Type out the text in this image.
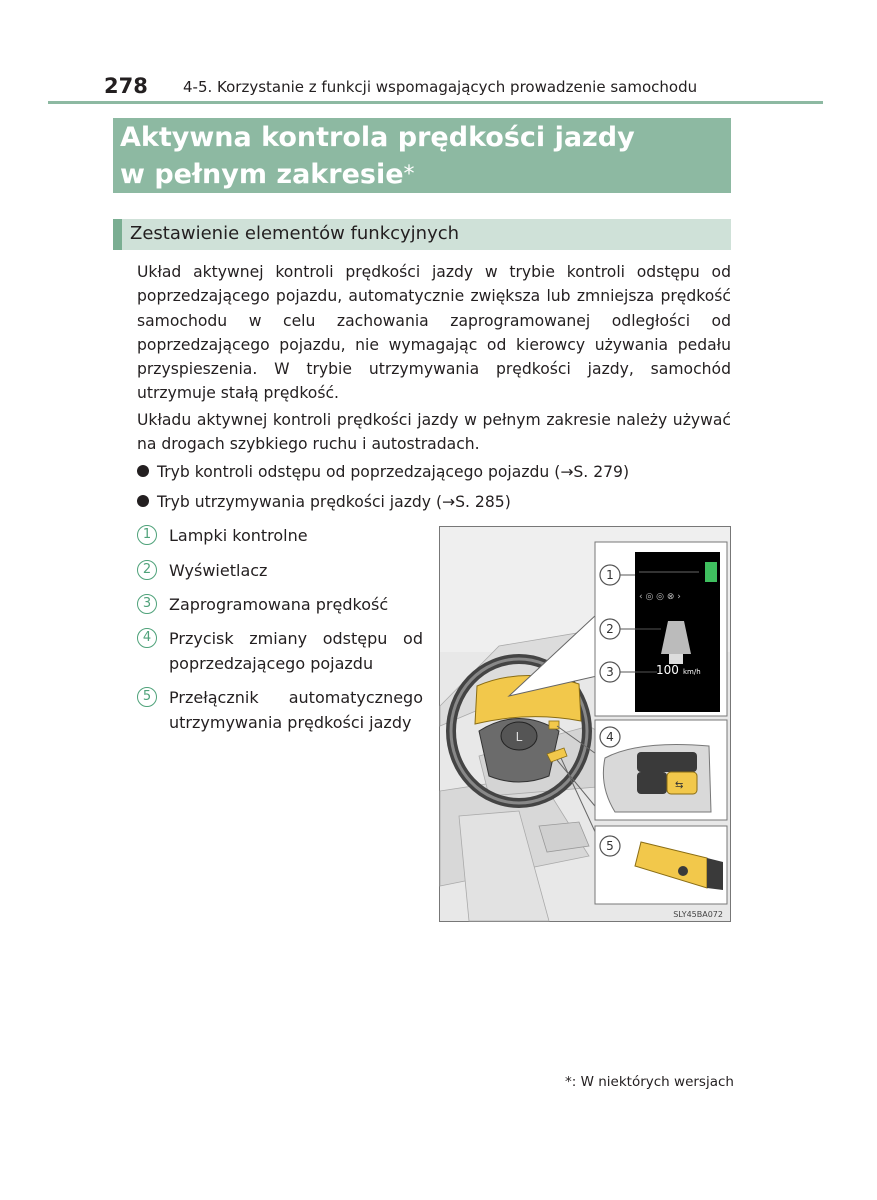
278 4-5. Korzystanie z funkcji wspomagających prowadzenie samochodu
Aktywna kontrola prędkości jazdy
w pełnym zakresie*
Zestawienie elementów funkcyjnych
Układ aktywnej kontroli prędkości jazdy w trybie kontroli odstępu od poprzedzającego pojazdu, automatycznie zwiększa lub zmniejsza prędkość samochodu w celu zachowania zaprogramowanej odległości od poprzedzającego pojazdu, nie wymagając od kierowcy używania pedału przyspieszenia. W trybie utrzymywania prędkości jazdy, samochód utrzymuje stałą prędkość.
Układu aktywnej kontroli prędkości jazdy w pełnym zakresie należy używać na drogach szybkiego ruchu i autostradach.
Tryb kontroli odstępu od poprzedzającego pojazdu (→S. 279)
Tryb utrzymywania prędkości jazdy (→S. 285)
1	Lampki kontrolne
2	Wyświetlacz
3	Zaprogramowana prędkość
4	Przycisk zmiany odstępu od poprzedzającego pojazdu
5	Przełącznik automatycznego utrzymywania prędkości jazdy
L
‹ ◎ ◎ ⊗ ›
100 km/h
⇆
1
2
3
4
5
SLY45BA072
*: W niektórych wersjach
